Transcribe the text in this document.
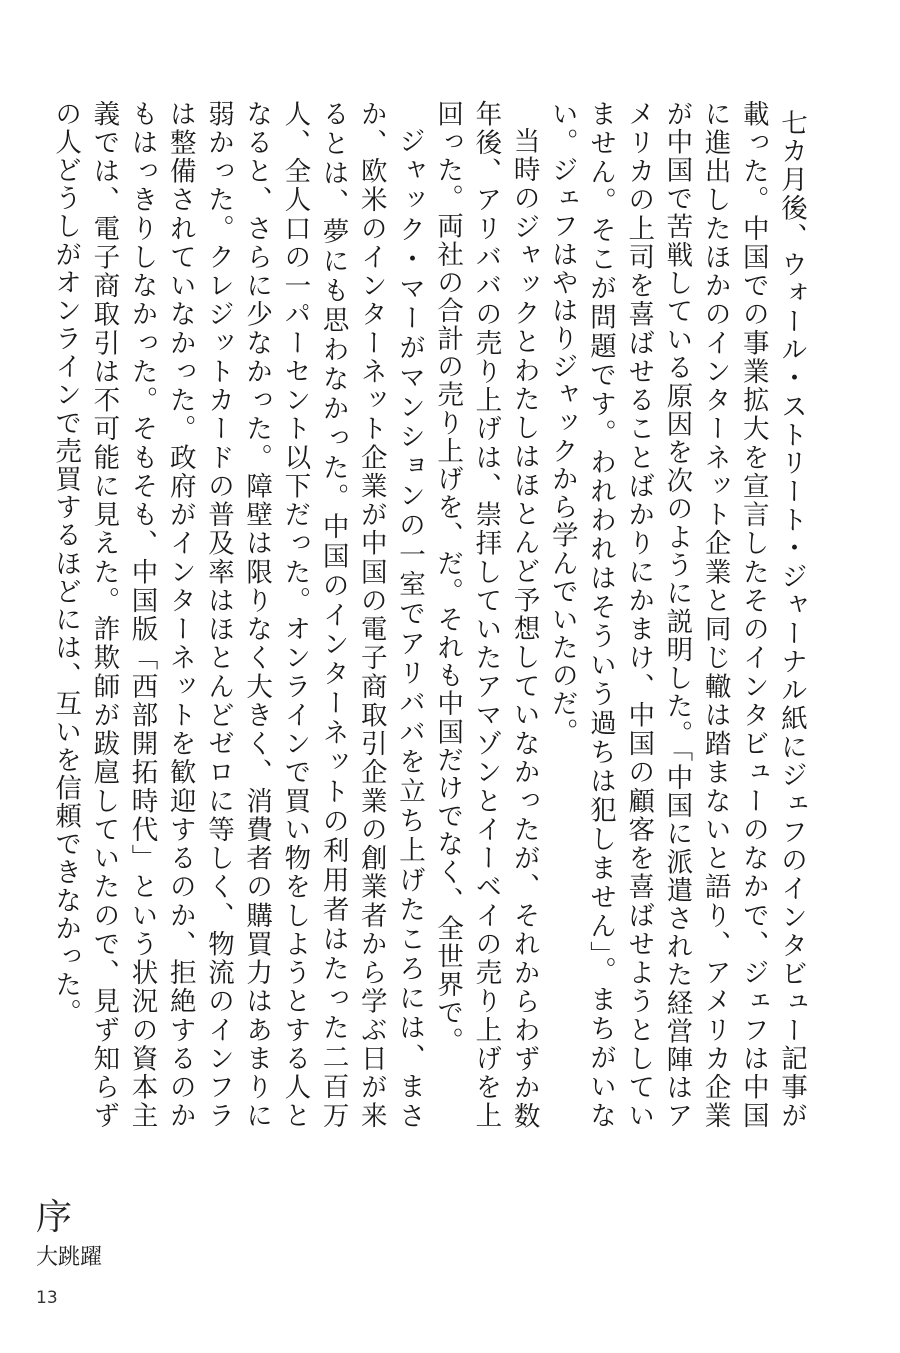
七カ月後、ウォール・ストリート・ジャーナル紙にジェフのインタビュー記事が載った。中国での事業拡大を宣言したそのインタビューのなかで、ジェフは中国に進出したほかのインターネット企業と同じ轍は踏まないと語り、アメリカ企業が中国で苦戦している原因を次のように説明した。「中国に派遣された経営陣はアメリカの上司を喜ばせることばかりにかまけ、中国の顧客を喜ばせようとしていません。そこが問題です。われわれはそういう過ちは犯しません」。まちがいない。ジェフはやはりジャックから学んでいたのだ。

当時のジャックとわたしはほとんど予想していなかったが、それからわずか数年後、アリババの売り上げは、崇拝していたアマゾンとイーベイの売り上げを上回った。両社の合計の売り上げを、だ。それも中国だけでなく、全世界で。

ジャック・マーがマンションの一室でアリババを立ち上げたころには、まさか、欧米のインターネット企業が中国の電子商取引企業の創業者から学ぶ日が来るとは、夢にも思わなかった。中国のインターネットの利用者はたった二百万人、全人口の一パーセント以下だった。オンラインで買い物をしようとする人となると、さらに少なかった。障壁は限りなく大きく、消費者の購買力はあまりに弱かった。クレジットカードの普及率はほとんどゼロに等しく、物流のインフラは整備されていなかった。政府がインターネットを歓迎するのか、拒絶するのかもはっきりしなかった。そもそも、中国版「西部開拓時代」という状況の資本主義では、電子商取引は不可能に見えた。詐欺師が跋扈していたので、見ず知らずの人どうしがオンラインで売買するほどには、互いを信頼できなかった。

序
大跳躍
13
